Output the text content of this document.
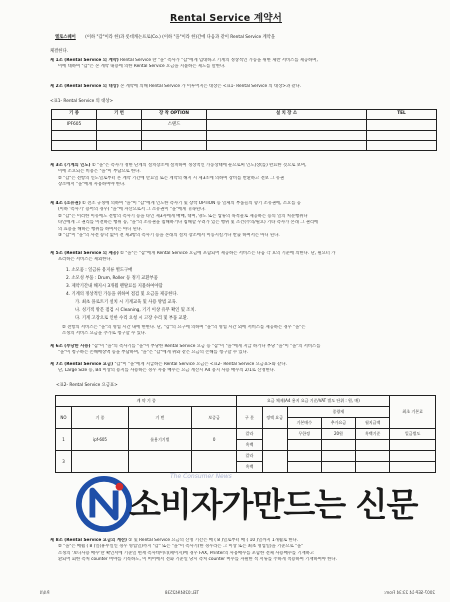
Rental Service 계약서
엘로스퀘어 (이하 "갑"이라 한)과 롯데캐논프로(Co.) (이하 "을"이라 한)간에 다음과 같이 Rental Service 계약을
체결한다.
제 1조 (Rental Service 의 계약) Rental Service 란 "을" 측사가 "갑"에게 임대하고 기계의 정상적인 가동을 위한 제반 서비스를 제공하며,
이에 대하여 "갑"은 본 계약 내용에 의한 Rental Service 요금을 지불하는 제도를 말한다.
제 2조 (Rental Service 의 대상) 본 계약에 의해 Rental Service 가 이루어지는 대상은 <표1- Rental Service 의 대상>과 같다.
<표1- Rental Service 의 대상>
기 종	기 번	장 착 OPTION	설 치 장 소	TEL
IPF605		스탠드		

제 3조 (기계의 인도) ① "을"은 측사가 정한 단계의 설치장소에 설치하여 정상적인 가동상태에 둔으로써 인도]상(를) 완료한 것으로 보며,
이에 소요되는 비용은 "을"이 부담으로 한다.
② "갑"은 전항의 인도일로부터 본 계약 기간에 만료일 또는 계약의 해지 시 제3조에 의하여 장비를 반환하고 전보 그 유권
장소에서 "을"에게 사용하여야 한다.
제 4조 (소유권) ① 전조 규정에 의하여 "을"이 "갑"에게 인도한 측사기 및 장착 OPTION 등 일체의 부품들의 향기 소유권에, 소요를 응
(이하 '측사기' 용어의 경우) "을"에 자산으로서 그 소유권이 "을"에게 귀속된다.
② "갑"은 이러한 이유에도 전항의 측사기 등을 타인 제3자에게 매매, 대여, 양도 또는 압류의 목적물로 제공하는 등의 일의 처분행위나
타인에게 그 권리를 이전하는 행위 등, "을"의 소유권을 침해하거나 침해할 우려가 있는 행위 및 조건(주의/필요) 기타 측사가 본래 그 권리에
의 효용을 해하는 행위를 하여서는 아니 된다.
③ "갑"이 "을"의 사전 승낙 없이 전 제3항의 측사기 등을 본래의 설치 장소에서 이동시킬거나 반출 하여서는 아니 된다.
제 5조 (Rental Service 의 제공) ① "을"은 "갑"에게 Rental Service 요금에 포함되어 제공하는 서비스는 다음 각 호의 기준에 의한다. 단, 필요터 가
프러하는 서비스는 제외한다.
1. 소모품 : 일금류 용지류 별도구매
2. 소모성 부품 : Drum, Roller 등 정기 교환부품
3. 제약기간내 해지시 3개월 렌탈료를 지불하여야함
4. 기계의 정상적인 가동을 위하여 점검 및 요금을 제공한다.
가. 최초 플로트기 설치 시 기계교육 및 사용 방법 교육.
나. 성기적 방문 점검 시 Cleaning, 기기 이상 유무 확인 및 조치.
다. 기계 고장으로 인한 수리 요청 시 고장 수리 및 부품 교환.
② 전항의 서비스는 "을"의 영업 시간 내에 한한다. 단, "갑"의 요구에 의하여 "을"의 영업 시간 외에 서비스를 제공하는 경우 "을"은
소정의 서비스 요금을 추가로 청구할 수 있다.
제 6조 (부당한 사용) "갑"이 "을"의 측사기를 "을"이 부당한 Rental Service 요금 등 "갑"이 "을"에게 지급 하거나 부당 "을"이 "을"의 서비스를
"을"이 청구하는 손해배상액 등을 부담하며, "을"은 "갑"에게 위와 같은 요금의 손해를 청구할 수 있다.
제 7조 (Rental Service 요금) "갑"이 "을"에게 지급하는 Rental Service 요금은 <표2- Rental Service 요금표>와 같다.
단, Large Size 등, B4 이상의 용지를 사용하는 경우 사용 매수는 요금 계산시 A4 용지 사용 매수의 2/1로 산정한다.
<표2- Rental Service 요금표>
계 약 기 종				요금 체제(A4 용지 요금 기준/VAT 별도 단위 : 원, 매)					최초 기본료
NO	기 종	기 번	보증금	구 분	정액 요금	종량제			
						기본매수	추가요금	월지급액	
1	ipf-605	롤용기기별	0	칼라		무한정	20원	흑백기준	일금별도
				흑백					
3				칼라					
				흑백					
제 8조 (Rental Service 요금의 계산) ① 및 Rental Service 요금의 산정 기간은 매 ( 8 )일로부터 매 ( 10 )일까지 1개월로 한다.
② "을"은 매월 ( 8 )일(휴무일인 경우 영업일)까지 "갑" 또는 "을"이 측사기(한 경우라는 그 이상 또는 최초 영업일)을 기준으로 "을"
소정의 '보디사용 매수'란 확인서에 기준일 현재 측사데이터(페이지)에 경우 FAX, Printer의 사용매수를 포함한 전체 사용매수를 기재하고
환되어 회한 측처 counter 버야를 기록하도, 이 버어에서 전화 기준일 당시 측처 counter 버수를 자필한 적 서류를 주하게 적용하여 기재하여야 한다.
The Consumer News
소비자가만드는 신문
P.4/4	TEL:0264942538	2007-SEP-14 23:34 From:
